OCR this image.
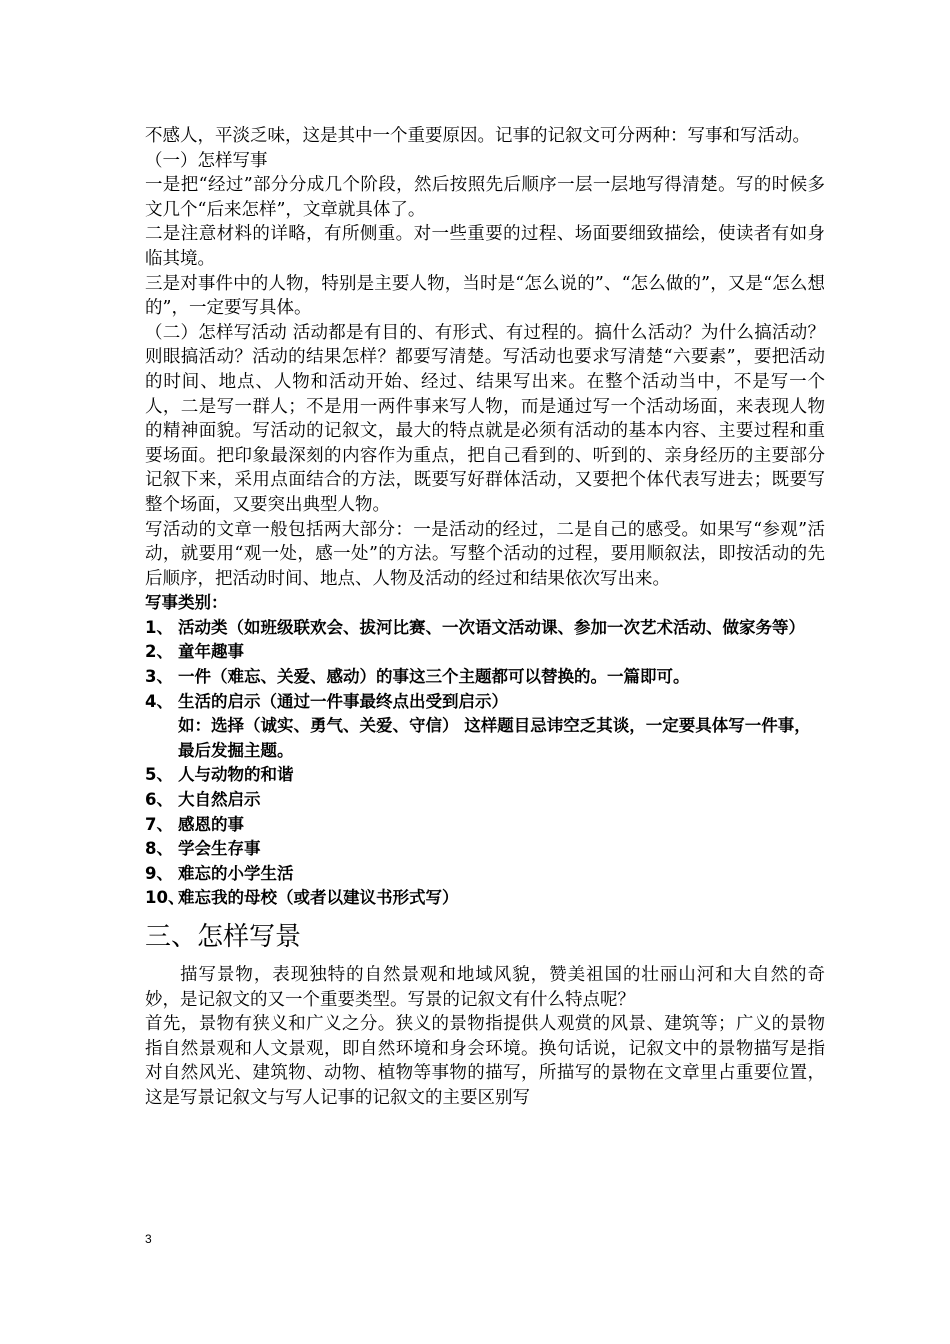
不感人，平淡乏味，这是其中一个重要原因。记事的记叙文可分两种：写事和写活动。

（一）怎样写事

一是把“经过”部分分成几个阶段，然后按照先后顺序一层一层地写得清楚。写的时候多文几个“后来怎样”，文章就具体了。

二是注意材料的详略，有所侧重。对一些重要的过程、场面要细致描绘，使读者有如身临其境。

三是对事件中的人物，特别是主要人物，当时是“怎么说的”、“怎么做的”，又是“怎么想的”，一定要写具体。

（二）怎样写活动 活动都是有目的、有形式、有过程的。搞什么活动？为什么搞活动？则眼搞活动？活动的结果怎样？都要写清楚。写活动也要求写清楚“六要素”，要把活动的时间、地点、人物和活动开始、经过、结果写出来。在整个活动当中，不是写一个人，二是写一群人；不是用一两件事来写人物，而是通过写一个活动场面，来表现人物的精神面貌。写活动的记叙文，最大的特点就是必须有活动的基本内容、主要过程和重要场面。把印象最深刻的内容作为重点，把自己看到的、听到的、亲身经历的主要部分记叙下来，采用点面结合的方法，既要写好群体活动，又要把个体代表写进去；既要写整个场面，又要突出典型人物。

写活动的文章一般包括两大部分：一是活动的经过，二是自己的感受。如果写“参观”活动，就要用“观一处，感一处”的方法。写整个活动的过程，要用顺叙法，即按活动的先后顺序，把活动时间、地点、人物及活动的经过和结果依次写出来。

写事类别：

1、 活动类（如班级联欢会、拔河比赛、一次语文活动课、参加一次艺术活动、做家务等）
2、 童年趣事
3、 一件（难忘、关爱、感动）的事这三个主题都可以替换的。一篇即可。
4、 生活的启示（通过一件事最终点出受到启示）
如：选择（诚实、勇气、关爱、守信） 这样题目忌讳空乏其谈，一定要具体写一件事，最后发掘主题。
5、 人与动物的和谐
6、 大自然启示
7、 感恩的事
8、 学会生存事
9、 难忘的小学生活
10、
难忘我的母校（或者以建议书形式写）
三、怎样写景

描写景物，表现独特的自然景观和地域风貌，赞美祖国的壮丽山河和大自然的奇妙，是记叙文的又一个重要类型。写景的记叙文有什么特点呢？

首先，景物有狭义和广义之分。狭义的景物指提供人观赏的风景、建筑等；广义的景物指自然景观和人文景观，即自然环境和身会环境。换句话说，记叙文中的景物描写是指对自然风光、建筑物、动物、植物等事物的描写，所描写的景物在文章里占重要位置，这是写景记叙文与写人记事的记叙文的主要区别写

3
